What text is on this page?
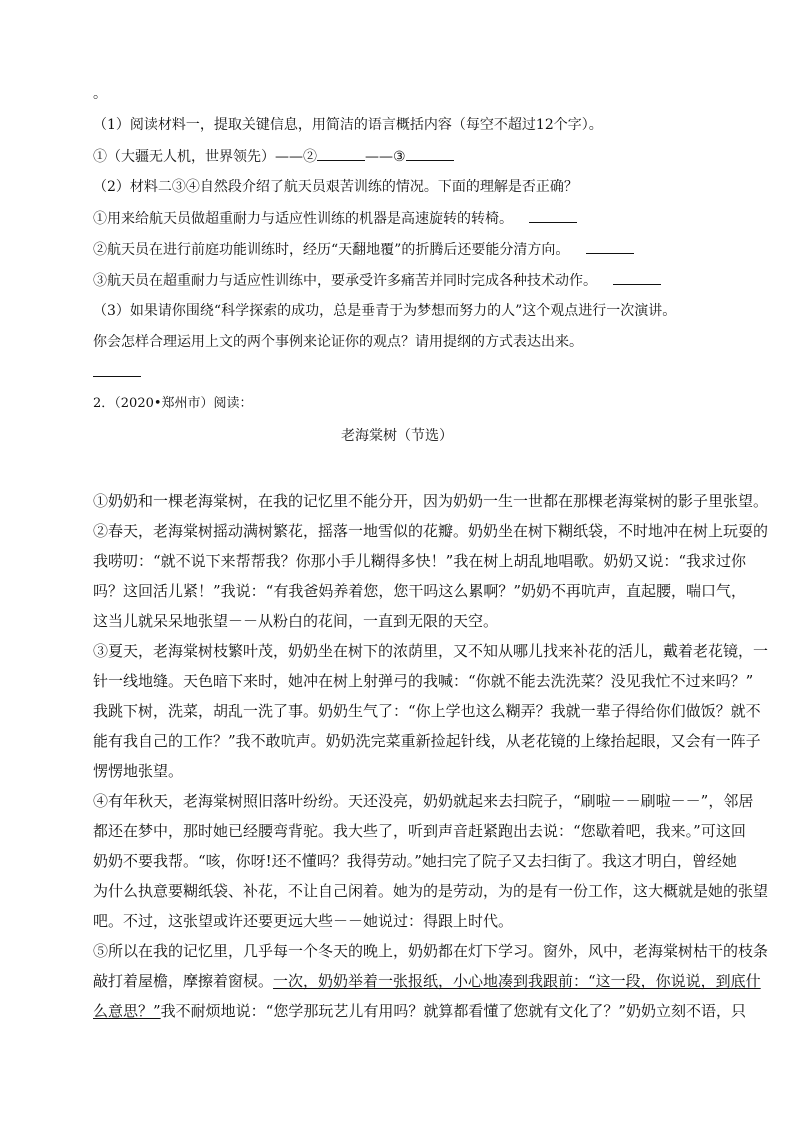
。
（1）阅读材料一，提取关键信息，用简洁的语言概括内容（每空不超过12个字）。
①（大疆无人机，世界领先）——②	——③
（2）材料二③④自然段介绍了航天员艰苦训练的情况。下面的理解是否正确？
①用来给航天员做超重耐力与适应性训练的机器是高速旋转的转椅。
②航天员在进行前庭功能训练时，经历“天翻地覆”的折腾后还要能分清方向。
③航天员在超重耐力与适应性训练中，要承受许多痛苦并同时完成各种技术动作。
（3）如果请你围绕“科学探索的成功，总是垂青于为梦想而努力的人”这个观点进行一次演讲。
你会怎样合理运用上文的两个事例来论证你的观点？请用提纲的方式表达出来。
2．（2020•郑州市）阅读：
老海棠树（节选）
①奶奶和一棵老海棠树，在我的记忆里不能分开，因为奶奶一生一世都在那棵老海棠树的影子里张望。
②春天，老海棠树摇动满树繁花，摇落一地雪似的花瓣。奶奶坐在树下糊纸袋，不时地冲在树上玩耍的
我唠叨：“就不说下来帮帮我？你那小手儿糊得多快！”我在树上胡乱地唱歌。奶奶又说：“我求过你
吗？这回活儿紧！”我说：“有我爸妈养着您，您干吗这么累啊？”奶奶不再吭声，直起腰，喘口气，
这当儿就呆呆地张望－－从粉白的花间，一直到无限的天空。
③夏天，老海棠树枝繁叶茂，奶奶坐在树下的浓荫里，又不知从哪儿找来补花的活儿，戴着老花镜，一
针一线地缝。天色暗下来时，她冲在树上射弹弓的我喊：“你就不能去洗洗菜？没见我忙不过来吗？”
我跳下树，洗菜，胡乱一洗了事。奶奶生气了：“你上学也这么糊弄？我就一辈子得给你们做饭？就不
能有我自己的工作？”我不敢吭声。奶奶洗完菜重新捡起针线，从老花镜的上缘抬起眼，又会有一阵子
愣愣地张望。
④有年秋天，老海棠树照旧落叶纷纷。天还没亮，奶奶就起来去扫院子，“刷啦－－刷啦－－”，邻居
都还在梦中，那时她已经腰弯背驼。我大些了，听到声音赶紧跑出去说：“您歇着吧，我来。”可这回
奶奶不要我帮。“咳，你呀!还不懂吗？我得劳动。”她扫完了院子又去扫街了。我这才明白，曾经她
为什么执意要糊纸袋、补花，不让自己闲着。她为的是劳动，为的是有一份工作，这大概就是她的张望
吧。不过，这张望或许还要更远大些－－她说过：得跟上时代。
⑤所以在我的记忆里，几乎每一个冬天的晚上，奶奶都在灯下学习。窗外，风中，老海棠树枯干的枝条
敲打着屋檐，摩擦着窗棂。一次，奶奶举着一张报纸，小心地凑到我跟前：“这一段，你说说，到底什
么意思？”我不耐烦地说：“您学那玩艺儿有用吗？就算都看懂了您就有文化了？”奶奶立刻不语，只
